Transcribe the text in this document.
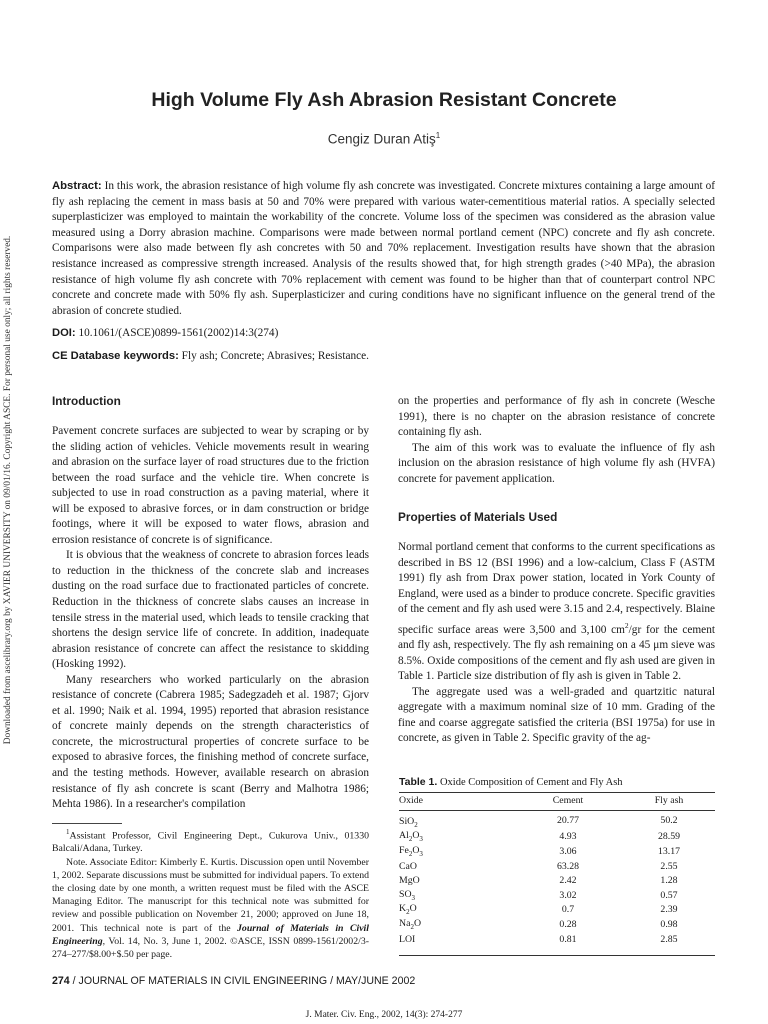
Downloaded from ascelibrary.org by XAVIER UNIVERSITY on 09/01/16. Copyright ASCE. For personal use only; all rights reserved.
High Volume Fly Ash Abrasion Resistant Concrete
Cengiz Duran Atiş$^1$

Abstract: In this work, the abrasion resistance of high volume fly ash concrete was investigated. Concrete mixtures containing a large amount of fly ash replacing the cement in mass basis at 50 and 70% were prepared with various water-cementitious material ratios. A specially selected superplasticizer was employed to maintain the workability of the concrete. Volume loss of the specimen was considered as the abrasion value measured using a Dorry abrasion machine. Comparisons were made between normal portland cement (NPC) concrete and fly ash concrete. Comparisons were also made between fly ash concretes with 50 and 70% replacement. Investigation results have shown that the abrasion resistance increased as compressive strength increased. Analysis of the results showed that, for high strength grades (>40 MPa), the abrasion resistance of high volume fly ash concrete with 70% replacement with cement was found to be higher than that of counterpart control NPC concrete and concrete made with 50% fly ash. Superplasticizer and curing conditions have no significant influence on the general trend of the abrasion of concrete studied.

DOI: 10.1061/(ASCE)0899-1561(2002)14:3(274)
CE Database keywords: Fly ash; Concrete; Abrasives; Resistance.
Introduction

Pavement concrete surfaces are subjected to wear by scraping or by the sliding action of vehicles. Vehicle movements result in wearing and abrasion on the surface layer of road structures due to the friction between the road surface and the vehicle tire. When concrete is subjected to use in road construction as a paving material, where it will be exposed to abrasive forces, or in dam construction or bridge footings, where it will be exposed to water flows, abrasion and errosion resistance of concrete is of significance.

It is obvious that the weakness of concrete to abrasion forces leads to reduction in the thickness of the concrete slab and increases dusting on the road surface due to fractionated particles of concrete. Reduction in the thickness of concrete slabs causes an increase in tensile stress in the material used, which leads to tensile cracking that shortens the design service life of concrete. In addition, inadequate abrasion resistance of concrete can affect the resistance to skidding (Hosking 1992).

Many researchers who worked particularly on the abrasion resistance of concrete (Cabrera 1985; Sadegzadeh et al. 1987; Gjorv et al. 1990; Naik et al. 1994, 1995) reported that abrasion resistance of concrete mainly depends on the strength characteristics of concrete, the microstructural properties of concrete surface to be exposed to abrasive forces, the finishing method of concrete surface, and the testing methods. However, available research on abrasion resistance of fly ash concrete is scant (Berry and Malhotra 1986; Mehta 1986). In a researcher's compilation

on the properties and performance of fly ash in concrete (Wesche 1991), there is no chapter on the abrasion resistance of concrete containing fly ash.

The aim of this work was to evaluate the influence of fly ash inclusion on the abrasion resistance of high volume fly ash (HVFA) concrete for pavement application.

Properties of Materials Used

Normal portland cement that conforms to the current specifications as described in BS 12 (BSI 1996) and a low-calcium, Class F (ASTM 1991) fly ash from Drax power station, located in York County of England, were used as a binder to produce concrete. Specific gravities of the cement and fly ash used were 3.15 and 2.4, respectively. Blaine specific surface areas were 3,500 and 3,100 $cm^2/gr$ for the cement and fly ash, respectively. The fly ash remaining on a 45 μm sieve was 8.5%. Oxide compositions of the cement and fly ash used are given in Table 1. Particle size distribution of fly ash is given in Table 2.

The aggregate used was a well-graded and quartzitic natural aggregate with a maximum nominal size of 10 mm. Grading of the fine and coarse aggregate satisfied the criteria (BSI 1975a) for use in concrete, as given in Table 2. Specific gravity of the ag-

$^1$Assistant Professor, Civil Engineering Dept., Cukurova Univ., 01330 Balcali/Adana, Turkey.

Note. Associate Editor: Kimberly E. Kurtis. Discussion open until November 1, 2002. Separate discussions must be submitted for individual papers. To extend the closing date by one month, a written request must be filed with the ASCE Managing Editor. The manuscript for this technical note was submitted for review and possible publication on November 21, 2000; approved on June 18, 2001. This technical note is part of the Journal of Materials in Civil Engineering, Vol. 14, No. 3, June 1, 2002. ©ASCE, ISSN 0899-1561/2002/3-274–277/$8.00+$.50 per page.

Table 1. Oxide Composition of Cement and Fly Ash
Oxide	Cement	Fly ash
SiO$_2$	20.77	50.2
$Al_2O_3$	4.93	28.59
$Fe_2O_3$	3.06	13.17
CaO	63.28	2.55
MgO	2.42	1.28
$SO_3$	3.02	0.57
$K_2O$	0.7	2.39
$Na_2O$	0.28	0.98
LOI	0.81	2.85
274 / JOURNAL OF MATERIALS IN CIVIL ENGINEERING / MAY/JUNE 2002
J. Mater. Civ. Eng., 2002, 14(3): 274-277
